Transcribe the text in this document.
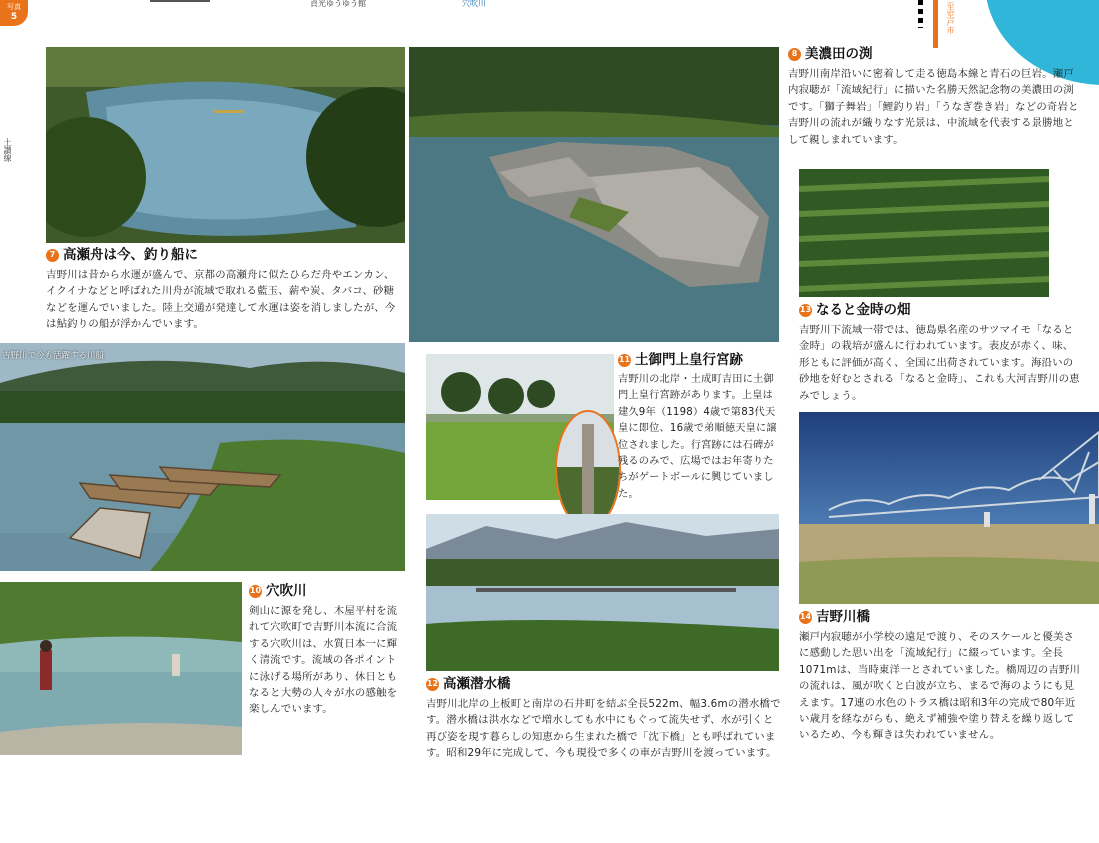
写真
5
貞光ゆうゆう館	穴吹川
土讃線
至室戸市
7 高瀬舟は今、釣り船に

吉野川は昔から水運が盛んで、京都の高瀬舟に似たひらだ舟やエンカン、イクイナなどと呼ばれた川舟が流域で取れる藍玉、薪や炭、タバコ、砂糖などを運んでいました。陸上交通が発達して水運は姿を消しましたが、今は鮎釣りの船が浮かんでいます。

吉野川で今も活躍する川船
10 穴吹川

剣山に源を発し、木屋平村を流れて穴吹町で吉野川本流に合流する穴吹川は、水質日本一に輝く清流です。流域の各ポイントに泳げる場所があり、休日ともなると大勢の人々が水の感触を楽しんでいます。

11 土御門上皇行宮跡

吉野川の北岸・土成町吉田に土御門上皇行宮跡があります。上皇は建久9年（1198）4歳で第83代天皇に即位、16歳で弟順徳天皇に譲位されました。行宮跡には石碑が残るのみで、広場ではお年寄りたちがゲートボールに興じていました。

12 高瀬潜水橋

吉野川北岸の上板町と南岸の石井町を結ぶ全長522m、幅3.6mの潜水橋です。潜水橋は洪水などで増水しても水中にもぐって流失せず、水が引くと再び姿を現す暮らしの知恵から生まれた橋で「沈下橋」とも呼ばれています。昭和29年に完成して、今も現役で多くの車が吉野川を渡っています。

8 美濃田の渕

吉野川南岸沿いに密着して走る徳島本線と青石の巨岩。瀬戸内寂聴が「流域紀行」に描いた名勝天然記念物の美濃田の渕です。「獅子舞岩」「鯉釣り岩」「うなぎ巻き岩」などの奇岩と吉野川の流れが織りなす光景は、中流域を代表する景勝地として親しまれています。

13 なると金時の畑

吉野川下流域一帯では、徳島県名産のサツマイモ「なると金時」の栽培が盛んに行われています。表皮が赤く、味、形ともに評価が高く、全国に出荷されています。海沿いの砂地を好むとされる「なると金時」、これも大河吉野川の恵みでしょう。

14 吉野川橋

瀬戸内寂聴が小学校の遠足で渡り、そのスケールと優美さに感動した思い出を「流域紀行」に綴っています。全長1071mは、当時東洋一とされていました。橋周辺の吉野川の流れは、風が吹くと白波が立ち、まるで海のようにも見えます。17連の水色のトラス橋は昭和3年の完成で80年近い歳月を経ながらも、絶えず補強や塗り替えを繰り返しているため、今も輝きは失われていません。
